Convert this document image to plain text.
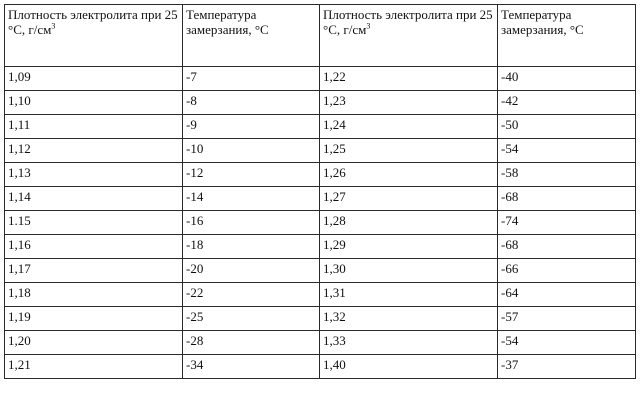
Плотность электролита при 25 °С, $г/см^3$	Температура замерзания, °С	Плотность электролита при 25 °С, $г/см^3$	Температура замерзания, °С
1,09	-7	1,22	-40
1,10	-8	1,23	-42
1,11	-9	1,24	-50
1,12	-10	1,25	-54
1,13	-12	1,26	-58
1,14	-14	1,27	-68
1.15	-16	1,28	-74
1,16	-18	1,29	-68
1,17	-20	1,30	-66
1,18	-22	1,31	-64
1,19	-25	1,32	-57
1,20	-28	1,33	-54
1,21	-34	1,40	-37
